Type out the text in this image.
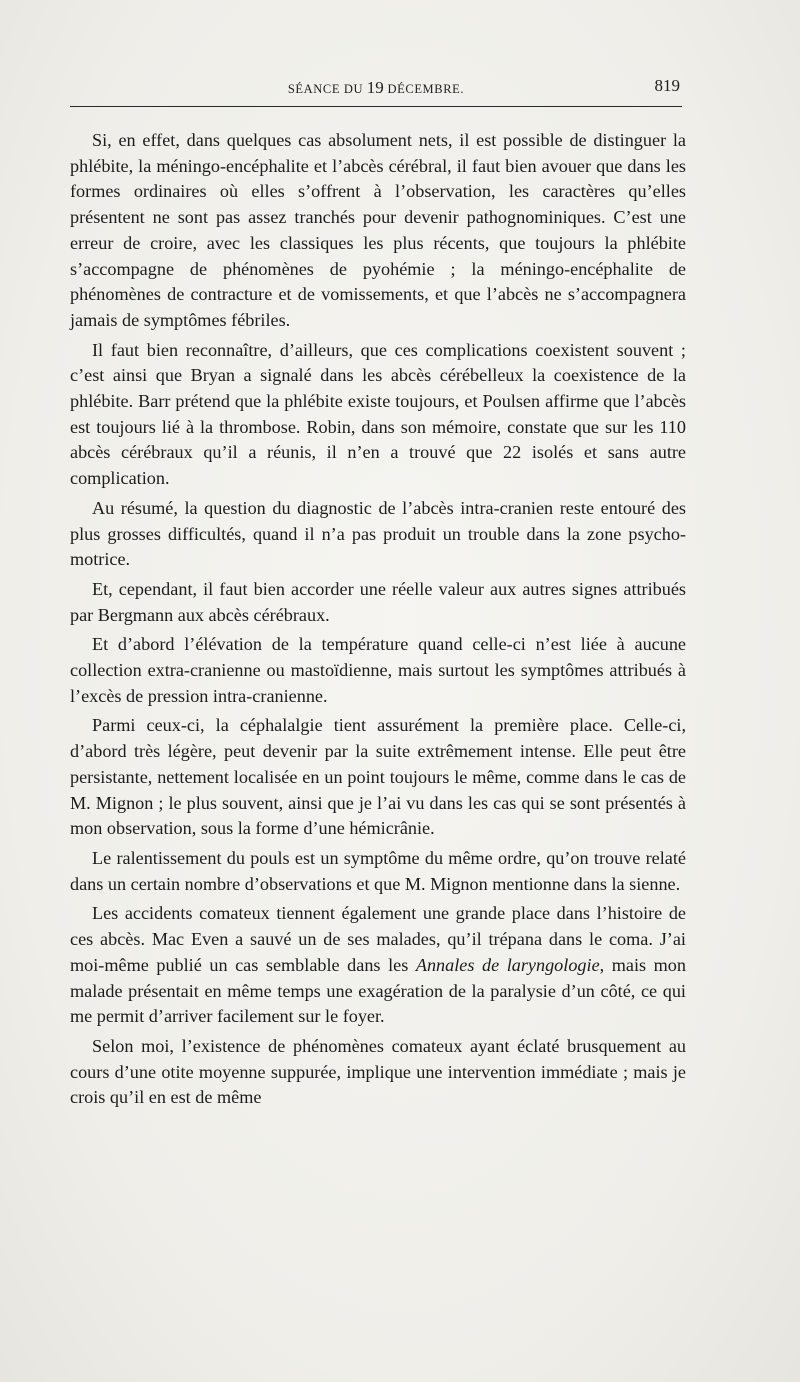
SÉANCE DU 19 DÉCEMBRE.	819

Si, en effet, dans quelques cas absolument nets, il est possible de distinguer la phlébite, la méningo-encéphalite et l’abcès cérébral, il faut bien avouer que dans les formes ordinaires où elles s’offrent à l’observation, les caractères qu’elles présentent ne sont pas assez tranchés pour devenir pathognominiques. C’est une erreur de croire, avec les classiques les plus récents, que toujours la phlébite s’accompagne de phénomènes de pyohémie ; la méningo-encéphalite de phénomènes de contracture et de vomissements, et que l’abcès ne s’accompagnera jamais de symptômes fébriles.

Il faut bien reconnaître, d’ailleurs, que ces complications coexistent souvent ; c’est ainsi que Bryan a signalé dans les abcès cérébelleux la coexistence de la phlébite. Barr prétend que la phlébite existe toujours, et Poulsen affirme que l’abcès est toujours lié à la thrombose. Robin, dans son mémoire, constate que sur les 110 abcès cérébraux qu’il a réunis, il n’en a trouvé que 22 isolés et sans autre complication.

Au résumé, la question du diagnostic de l’abcès intra-cranien reste entouré des plus grosses difficultés, quand il n’a pas produit un trouble dans la zone psycho-motrice.

Et, cependant, il faut bien accorder une réelle valeur aux autres signes attribués par Bergmann aux abcès cérébraux.

Et d’abord l’élévation de la température quand celle-ci n’est liée à aucune collection extra-cranienne ou mastoïdienne, mais surtout les symptômes attribués à l’excès de pression intra-cranienne.

Parmi ceux-ci, la céphalalgie tient assurément la première place. Celle-ci, d’abord très légère, peut devenir par la suite extrêmement intense. Elle peut être persistante, nettement localisée en un point toujours le même, comme dans le cas de M. Mignon ; le plus souvent, ainsi que je l’ai vu dans les cas qui se sont présentés à mon observation, sous la forme d’une hémicrânie.

Le ralentissement du pouls est un symptôme du même ordre, qu’on trouve relaté dans un certain nombre d’observations et que M. Mignon mentionne dans la sienne.

Les accidents comateux tiennent également une grande place dans l’histoire de ces abcès. Mac Even a sauvé un de ses malades, qu’il trépana dans le coma. J’ai moi-même publié un cas semblable dans les Annales de laryngologie, mais mon malade présentait en même temps une exagération de la paralysie d’un côté, ce qui me permit d’arriver facilement sur le foyer.

Selon moi, l’existence de phénomènes comateux ayant éclaté brusquement au cours d’une otite moyenne suppurée, implique une intervention immédiate ; mais je crois qu’il en est de même
